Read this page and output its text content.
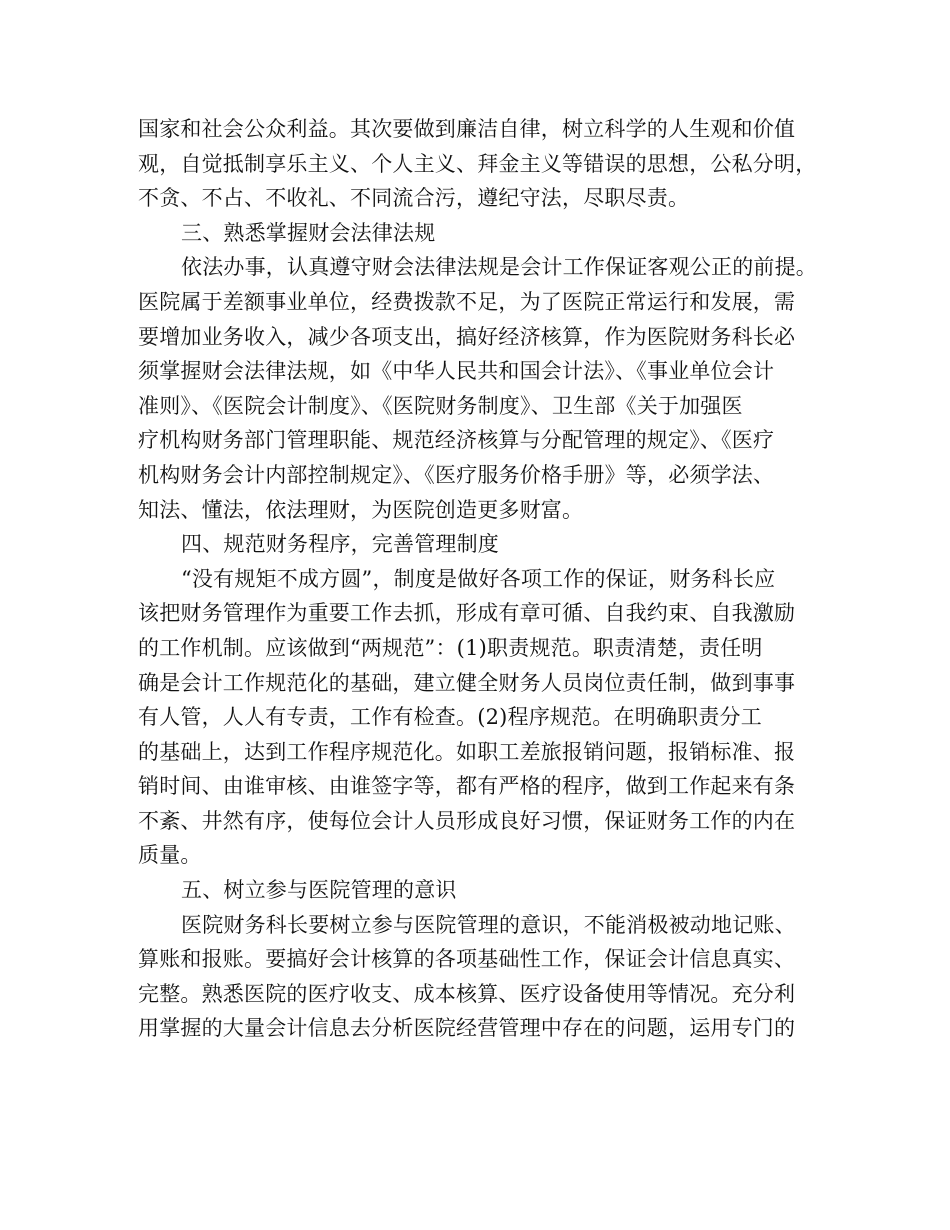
国家和社会公众利益。其次要做到廉洁自律，树立科学的人生观和价值
观，自觉抵制享乐主义、个人主义、拜金主义等错误的思想，公私分明，
不贪、不占、不收礼、不同流合污，遵纪守法，尽职尽责。
三、熟悉掌握财会法律法规
依法办事，认真遵守财会法律法规是会计工作保证客观公正的前提。
医院属于差额事业单位，经费拨款不足，为了医院正常运行和发展，需
要增加业务收入，减少各项支出，搞好经济核算，作为医院财务科长必
须掌握财会法律法规，如《中华人民共和国会计法》、《事业单位会计
准则》、《医院会计制度》、《医院财务制度》、卫生部《关于加强医
疗机构财务部门管理职能、规范经济核算与分配管理的规定》、《医疗
机构财务会计内部控制规定》、《医疗服务价格手册》等，必须学法、
知法、懂法，依法理财，为医院创造更多财富。
四、规范财务程序，完善管理制度
“没有规矩不成方圆”，制度是做好各项工作的保证，财务科长应
该把财务管理作为重要工作去抓，形成有章可循、自我约束、自我激励
的工作机制。应该做到“两规范”：(1)职责规范。职责清楚，责任明
确是会计工作规范化的基础，建立健全财务人员岗位责任制，做到事事
有人管，人人有专责，工作有检查。(2)程序规范。在明确职责分工
的基础上，达到工作程序规范化。如职工差旅报销问题，报销标准、报
销时间、由谁审核、由谁签字等，都有严格的程序，做到工作起来有条
不紊、井然有序，使每位会计人员形成良好习惯，保证财务工作的内在
质量。
五、树立参与医院管理的意识
医院财务科长要树立参与医院管理的意识，不能消极被动地记账、
算账和报账。要搞好会计核算的各项基础性工作，保证会计信息真实、
完整。熟悉医院的医疗收支、成本核算、医疗设备使用等情况。充分利
用掌握的大量会计信息去分析医院经营管理中存在的问题，运用专门的
